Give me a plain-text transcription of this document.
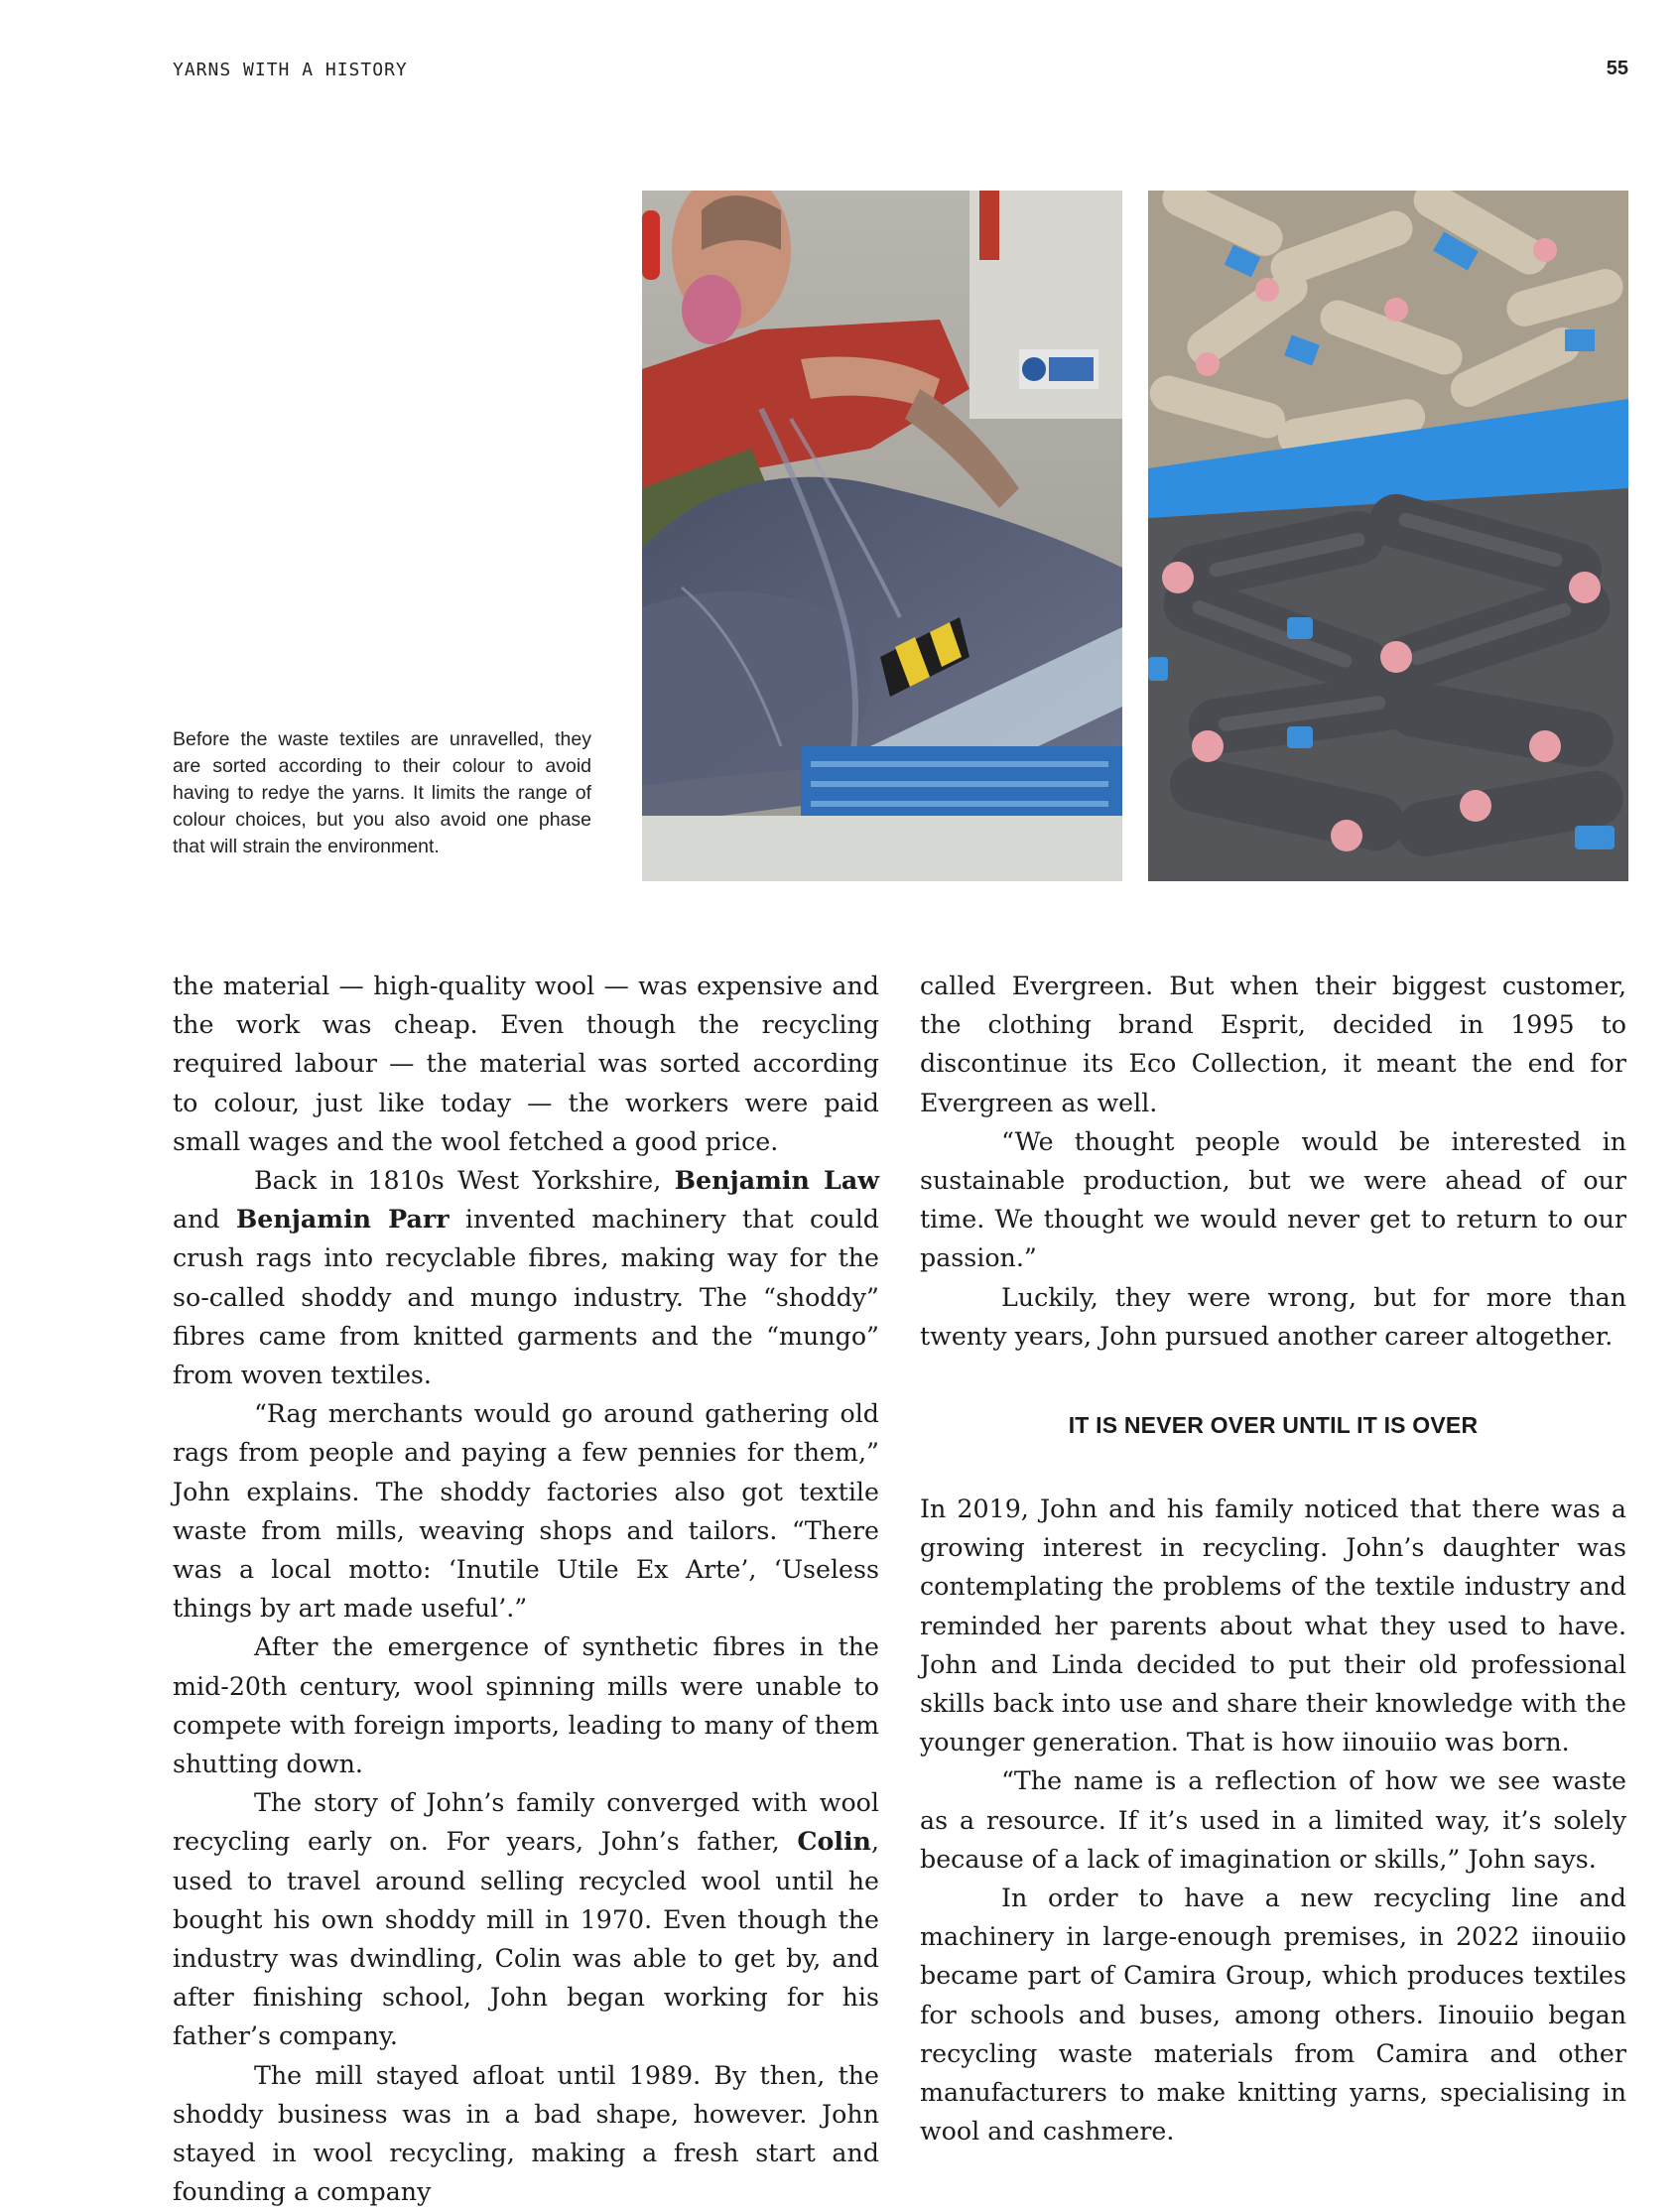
YARNS WITH A HISTORY	55
Before the waste textiles are unravelled, they are sorted according to their colour to avoid having to redye the yarns. It limits the range of colour choices, but you also avoid one phase that will strain the environment.

the material — high-quality wool — was expensive and the work was cheap. Even though the recycling required labour — the material was sorted according to colour, just like today — the workers were paid small wages and the wool fetched a good price.

Back in 1810s West Yorkshire, Benjamin Law and Benjamin Parr invented machinery that could crush rags into recyclable fibres, making way for the so-called shoddy and mungo industry. The “shoddy” fibres came from knitted garments and the “mungo” from woven textiles.

“Rag merchants would go around gathering old rags from people and paying a few pennies for them,” John explains. The shoddy factories also got textile waste from mills, weaving shops and tailors. “There was a local motto: ‘Inutile Utile Ex Arte’, ‘Useless things by art made useful’.”

After the emergence of synthetic fibres in the mid-20th century, wool spinning mills were unable to compete with foreign imports, leading to many of them shutting down.

The story of John’s family converged with wool recycling early on. For years, John’s father, Colin, used to travel around selling recycled wool until he bought his own shoddy mill in 1970. Even though the industry was dwindling, Colin was able to get by, and after finishing school, John began working for his father’s company.

The mill stayed afloat until 1989. By then, the shoddy business was in a bad shape, however. John stayed in wool recycling, making a fresh start and founding a company

called Evergreen. But when their biggest customer, the clothing brand Esprit, decided in 1995 to discontinue its Eco Collection, it meant the end for Evergreen as well.

“We thought people would be interested in sustainable production, but we were ahead of our time. We thought we would never get to return to our passion.”

Luckily, they were wrong, but for more than twenty years, John pursued another career altogether.

IT IS NEVER OVER UNTIL IT IS OVER

In 2019, John and his family noticed that there was a growing interest in recycling. John’s daughter was contemplating the problems of the textile industry and reminded her parents about what they used to have. John and Linda decided to put their old professional skills back into use and share their knowledge with the younger generation. That is how iinouiio was born.

“The name is a reflection of how we see waste as a resource. If it’s used in a limited way, it’s solely because of a lack of imagination or skills,” John says.

In order to have a new recycling line and machinery in large-enough premises, in 2022 iinouiio became part of Camira Group, which produces textiles for schools and buses, among others. Iinouiio began recycling waste materials from Camira and other manufacturers to make knitting yarns, specialising in wool and cashmere.
